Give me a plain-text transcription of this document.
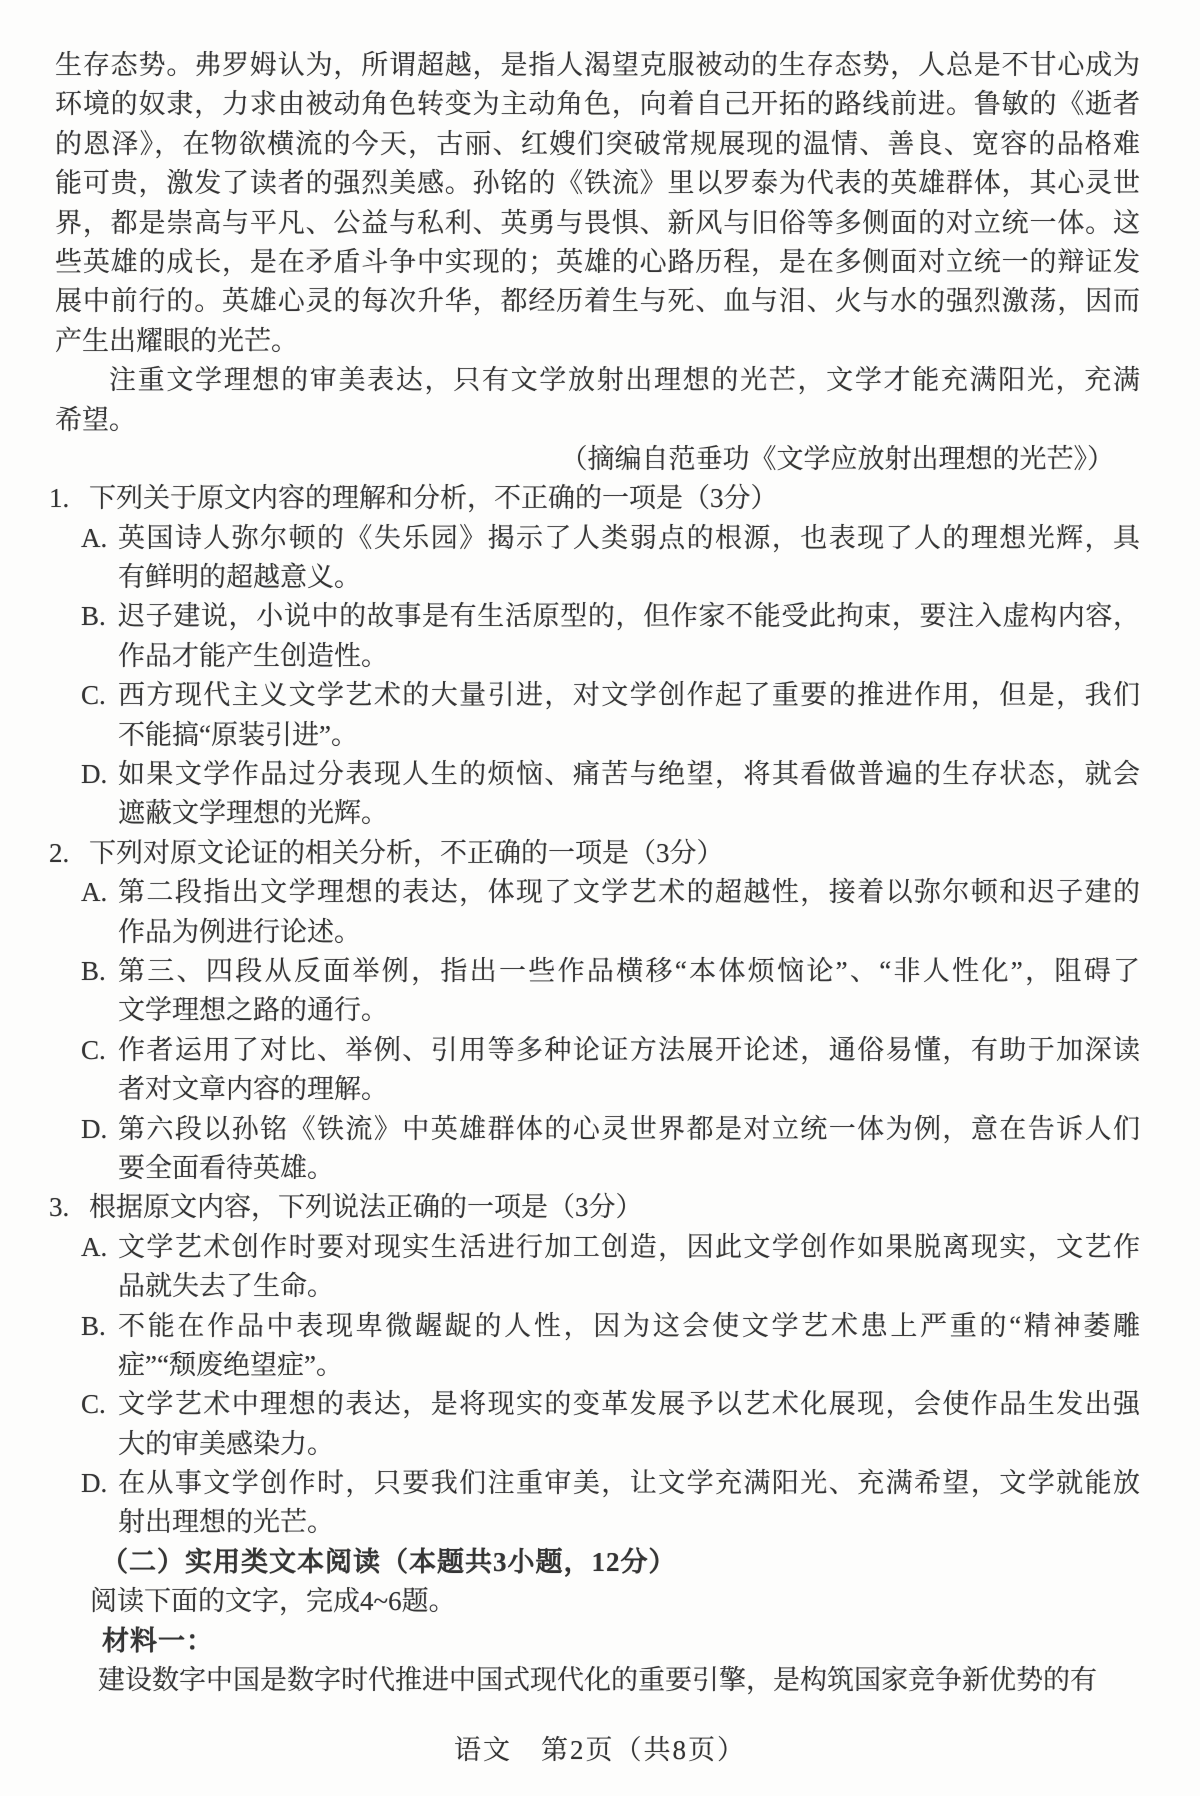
生存态势。弗罗姆认为，所谓超越，是指人渴望克服被动的生存态势，人总是不甘心成为
环境的奴隶，力求由被动角色转变为主动角色，向着自己开拓的路线前进。鲁敏的《逝者
的恩泽》，在物欲横流的今天，古丽、红嫂们突破常规展现的温情、善良、宽容的品格难
能可贵，激发了读者的强烈美感。孙铭的《铁流》里以罗泰为代表的英雄群体，其心灵世
界，都是崇高与平凡、公益与私利、英勇与畏惧、新风与旧俗等多侧面的对立统一体。这
些英雄的成长，是在矛盾斗争中实现的；英雄的心路历程，是在多侧面对立统一的辩证发
展中前行的。英雄心灵的每次升华，都经历着生与死、血与泪、火与水的强烈激荡，因而
产生出耀眼的光芒。
注重文学理想的审美表达，只有文学放射出理想的光芒，文学才能充满阳光，充满
希望。
（摘编自范垂功《文学应放射出理想的光芒》）
1. 下列关于原文内容的理解和分析，不正确的一项是（3分）
A. 英国诗人弥尔顿的《失乐园》揭示了人类弱点的根源，也表现了人的理想光辉，具
有鲜明的超越意义。
B. 迟子建说，小说中的故事是有生活原型的，但作家不能受此拘束，要注入虚构内容，
作品才能产生创造性。
C. 西方现代主义文学艺术的大量引进，对文学创作起了重要的推进作用，但是，我们
不能搞“原装引进”。
D. 如果文学作品过分表现人生的烦恼、痛苦与绝望，将其看做普遍的生存状态，就会
遮蔽文学理想的光辉。
2. 下列对原文论证的相关分析，不正确的一项是（3分）
A. 第二段指出文学理想的表达，体现了文学艺术的超越性，接着以弥尔顿和迟子建的
作品为例进行论述。
B. 第三、四段从反面举例，指出一些作品横移“本体烦恼论”、“非人性化”，阻碍了
文学理想之路的通行。
C. 作者运用了对比、举例、引用等多种论证方法展开论述，通俗易懂，有助于加深读
者对文章内容的理解。
D. 第六段以孙铭《铁流》中英雄群体的心灵世界都是对立统一体为例，意在告诉人们
要全面看待英雄。
3. 根据原文内容，下列说法正确的一项是（3分）
A. 文学艺术创作时要对现实生活进行加工创造，因此文学创作如果脱离现实，文艺作
品就失去了生命。
B. 不能在作品中表现卑微龌龊的人性，因为这会使文学艺术患上严重的“精神萎雕
症”“颓废绝望症”。
C. 文学艺术中理想的表达，是将现实的变革发展予以艺术化展现，会使作品生发出强
大的审美感染力。
D. 在从事文学创作时，只要我们注重审美，让文学充满阳光、充满希望，文学就能放
射出理想的光芒。
（二）实用类文本阅读（本题共3小题，12分）
阅读下面的文字，完成4~6题。
材料一：
建设数字中国是数字时代推进中国式现代化的重要引擎，是构筑国家竞争新优势的有
语文　第2页（共8页）
